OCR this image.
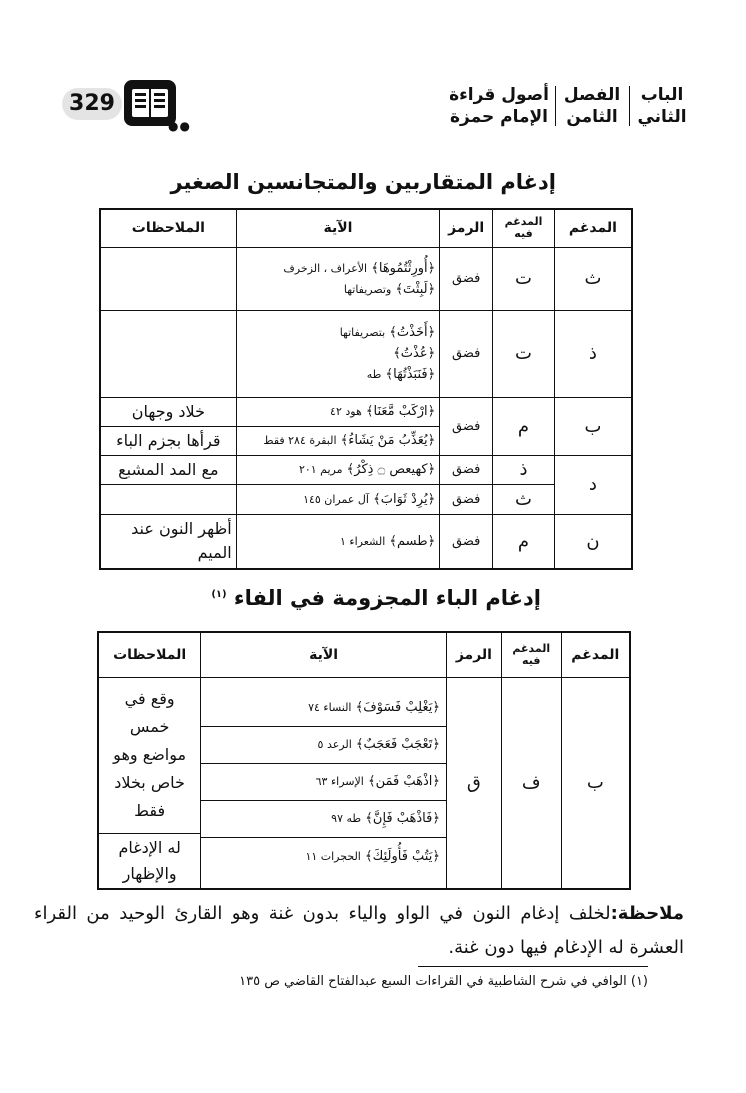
الباب
الثاني
الفصل
الثامن
أصول قراءة
الإمام حمزة
●●
329
إدغام المتقاربين والمتجانسين الصغير
المدغم	المدغم فيه	الرمز	الآية	الملاحظات
ث	ت	فضق	﴿أُورِثْتُمُوهَا﴾ الأعراف ، الزخرف
﴿لَبِثْتَ﴾ وتصريفاتها	

ذ	ت	فضق	﴿أَخَذْتُ﴾ بتصريفاتها
﴿عُذْتُ﴾
﴿فَنَبَذْتُهَا﴾ طه	

ب	م	فضق	﴿ارْكَبْ مَّعَنَا﴾ هود ٤٢	خلاد وجهان
			﴿يُعَذِّبُ مَنْ يَشَاءُ﴾ البقرة ٢٨٤ فقط	قرأها بجزم الباء
د	ذ	فضق	﴿كهيعص ۝ ذِكْرُ﴾ مريم ٢٠١	مع المد المشبع
	ث	فضق	﴿يُرِدْ ثَوَابَ﴾ آل عمران ١٤٥	
ن	م	فضق	﴿طسم﴾ الشعراء ١	أظهر النون عند الميم
إدغام الباء المجزومة في الفاء $^{(١)}$
المدغم	المدغم فيه	الرمز	الآية	الملاحظات
ب	ف	ق	﴿يَغْلِبْ فَسَوْفَ﴾ النساء ٧٤
﴿تَعْجَبْ فَعَجَبٌ﴾ الرعد ٥
﴿اذْهَبْ فَمَن﴾ الإسراء ٦٣
﴿فَاذْهَبْ فَإِنَّ﴾ طه ٩٧
﴿يَتُبْ فَأُولَئِكَ﴾ الحجرات ١١	وقع في خمس مواضع وهو خاص بخلاد فقط
				له الإدغام والإظهار
ملاحظة:لخلف إدغام النون في الواو والياء بدون غنة وهو القارئ الوحيد من القراء العشرة له الإدغام فيها دون غنة.
(١) الوافي في شرح الشاطبية في القراءات السبع عبدالفتاح القاضي ص ١٣٥
